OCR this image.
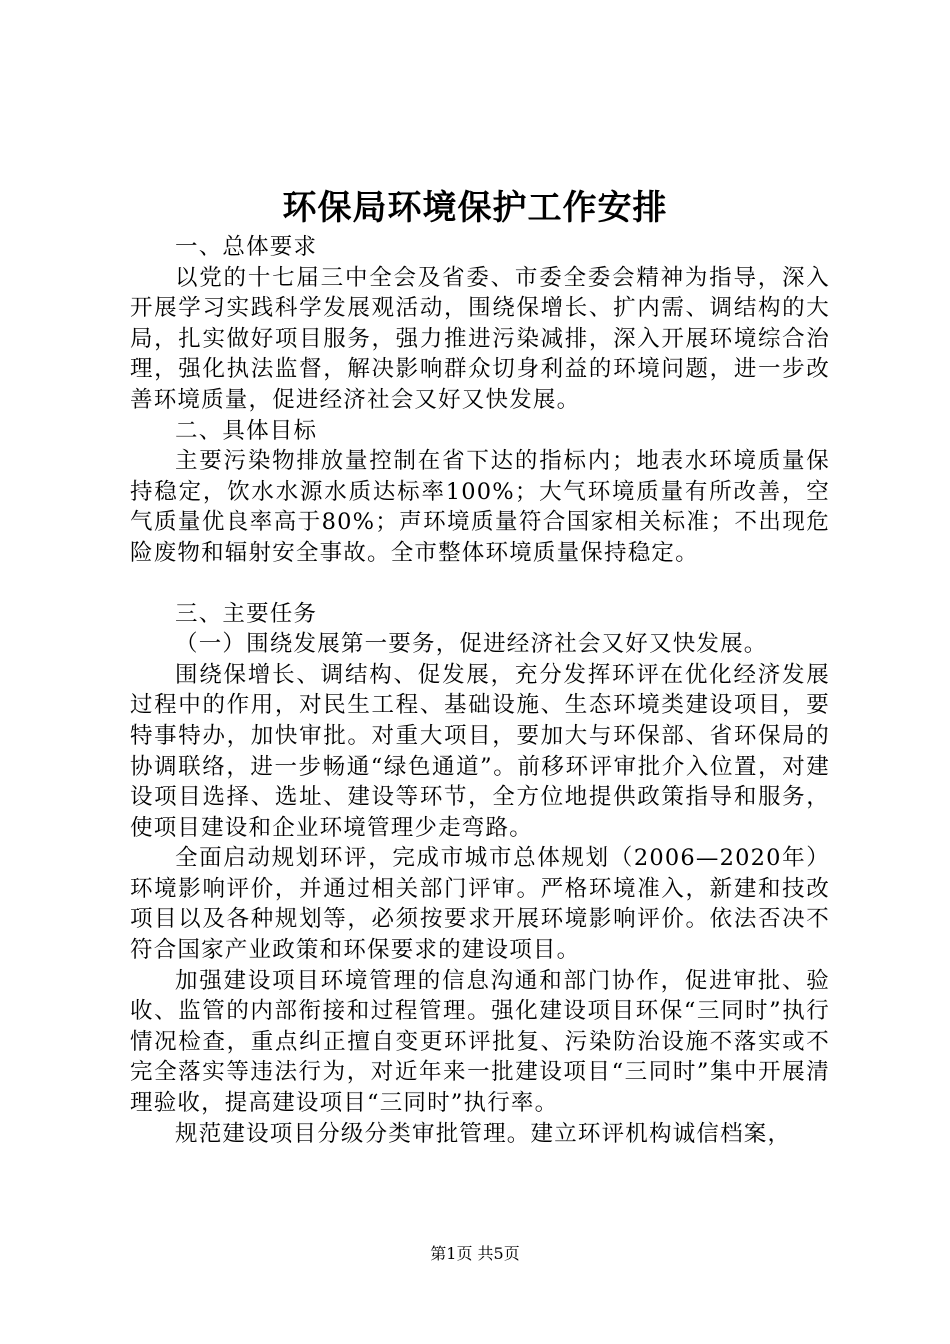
环保局环境保护工作安排

一、总体要求

以党的十七届三中全会及省委、市委全委会精神为指导，深入开展学习实践科学发展观活动，围绕保增长、扩内需、调结构的大局，扎实做好项目服务，强力推进污染减排，深入开展环境综合治理，强化执法监督，解决影响群众切身利益的环境问题，进一步改善环境质量，促进经济社会又好又快发展。

二、具体目标

主要污染物排放量控制在省下达的指标内；地表水环境质量保持稳定，饮水水源水质达标率100%；大气环境质量有所改善，空气质量优良率高于80%；声环境质量符合国家相关标准；不出现危险废物和辐射安全事故。全市整体环境质量保持稳定。

三、主要任务

（一）围绕发展第一要务，促进经济社会又好又快发展。

围绕保增长、调结构、促发展，充分发挥环评在优化经济发展过程中的作用，对民生工程、基础设施、生态环境类建设项目，要特事特办，加快审批。对重大项目，要加大与环保部、省环保局的协调联络，进一步畅通“绿色通道”。前移环评审批介入位置，对建设项目选择、选址、建设等环节，全方位地提供政策指导和服务，使项目建设和企业环境管理少走弯路。

全面启动规划环评，完成市城市总体规划（2006—2020年）环境影响评价，并通过相关部门评审。严格环境准入，新建和技改项目以及各种规划等，必须按要求开展环境影响评价。依法否决不符合国家产业政策和环保要求的建设项目。

加强建设项目环境管理的信息沟通和部门协作，促进审批、验收、监管的内部衔接和过程管理。强化建设项目环保“三同时”执行情况检查，重点纠正擅自变更环评批复、污染防治设施不落实或不完全落实等违法行为，对近年来一批建设项目“三同时”集中开展清理验收，提高建设项目“三同时”执行率。

规范建设项目分级分类审批管理。建立环评机构诚信档案，

第1页 共5页
